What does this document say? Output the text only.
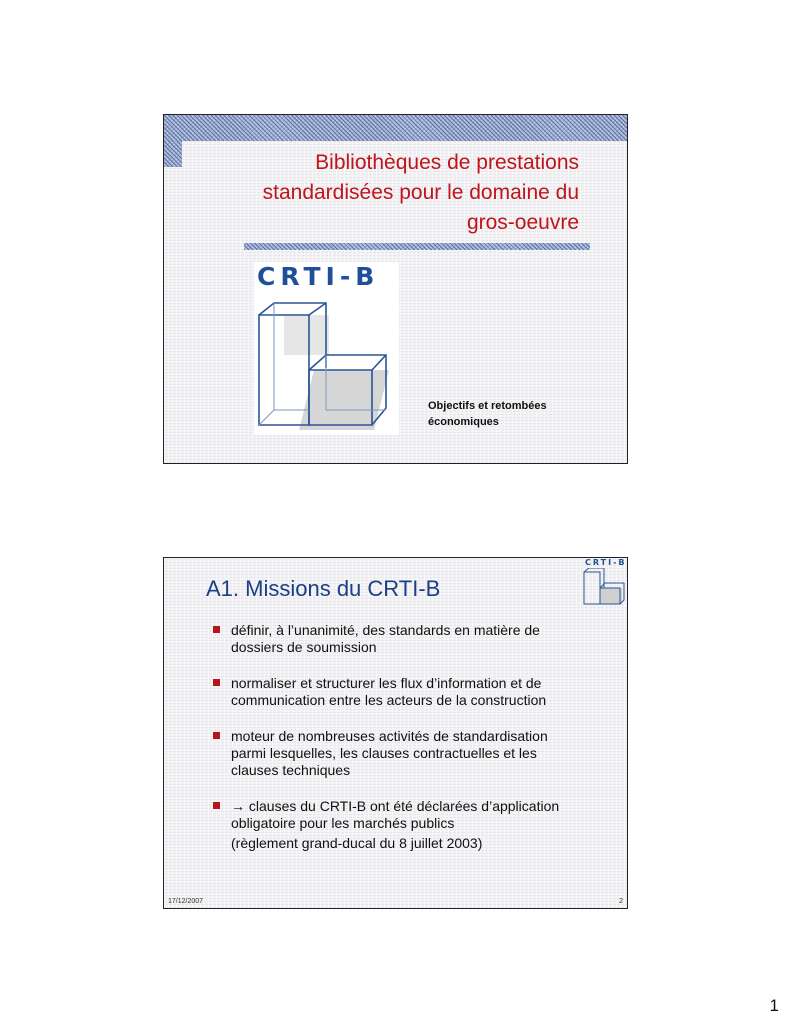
Bibliothèques de prestations
standardisées pour le domaine du
gros-oeuvre
CRTI-B
Objectifs et retombées
économiques
CRTI-B
A1. Missions du CRTI-B
définir, à l’unanimité, des standards en matière de
dossiers de soumission
normaliser et structurer les flux d’information et de
communication entre les acteurs de la construction
moteur de nombreuses activités de standardisation
parmi lesquelles, les clauses contractuelles et les
clauses techniques
→ clauses du CRTI-B ont été déclarées d’application
obligatoire pour les marchés publics
(règlement grand-ducal du 8 juillet 2003)
17/12/2007	2
1
